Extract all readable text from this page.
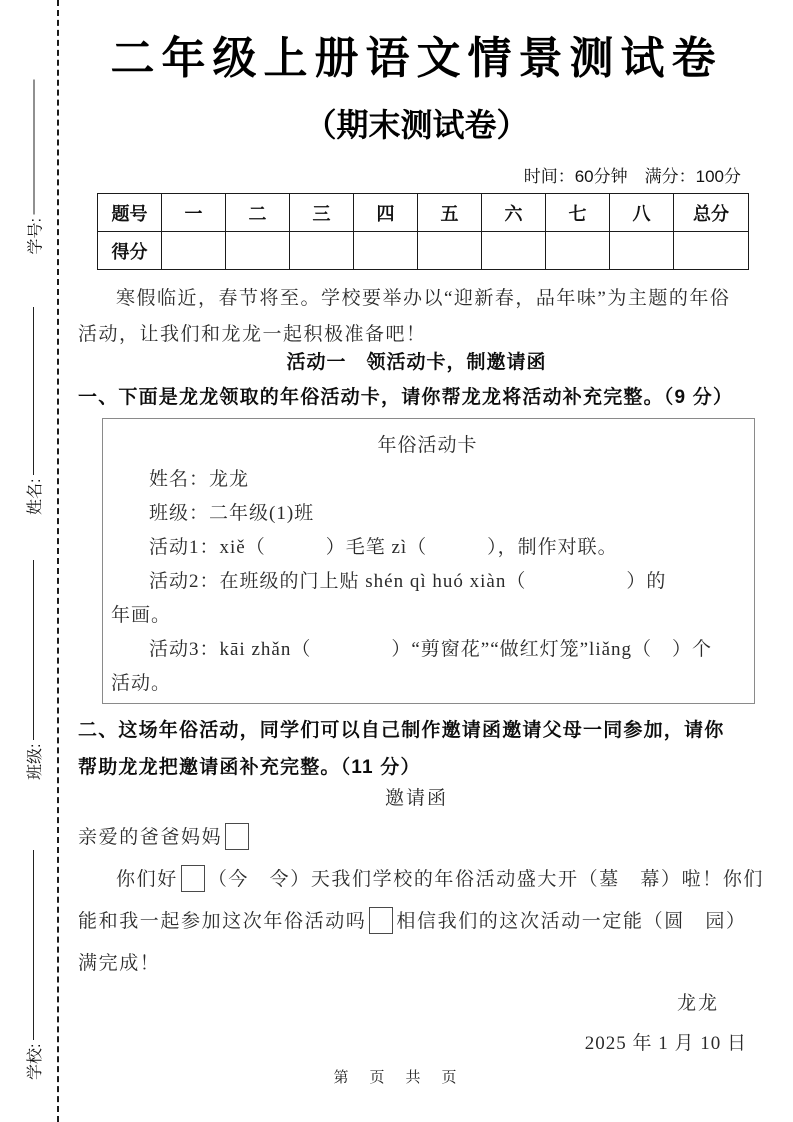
学号:
姓名:
班级:
学校:
二年级上册语文情景测试卷
（期末测试卷）
时间：60分钟　满分：100分
题号	一	二	三	四	五	六	七	八	总分
得分									
寒假临近，春节将至。学校要举办以“迎新春，品年味”为主题的年俗
活动，让我们和龙龙一起积极准备吧！
活动一　领活动卡，制邀请函
一、下面是龙龙领取的年俗活动卡，请你帮龙龙将活动补充完整。（9 分）
年俗活动卡
姓名：龙龙
班级：二年级(1)班
活动1：xiě（　　　）毛笔 zì（　　　），制作对联。
活动2：在班级的门上贴 shén qì huó xiàn（　　　　　）的
年画。
活动3：kāi zhǎn（　　　　）“剪窗花”“做红灯笼”liǎng（　）个
活动。
二、这场年俗活动，同学们可以自己制作邀请函邀请父母一同参加，请你
帮助龙龙把邀请函补充完整。（11 分）
邀请函
亲爱的爸爸妈妈
你们好 （今　令）天我们学校的年俗活动盛大开（墓　幕）啦！你们
能和我一起参加这次年俗活动吗 相信我们的这次活动一定能（圆　园）
满完成！
龙龙
2025 年 1 月 10 日
第　页　共　页
